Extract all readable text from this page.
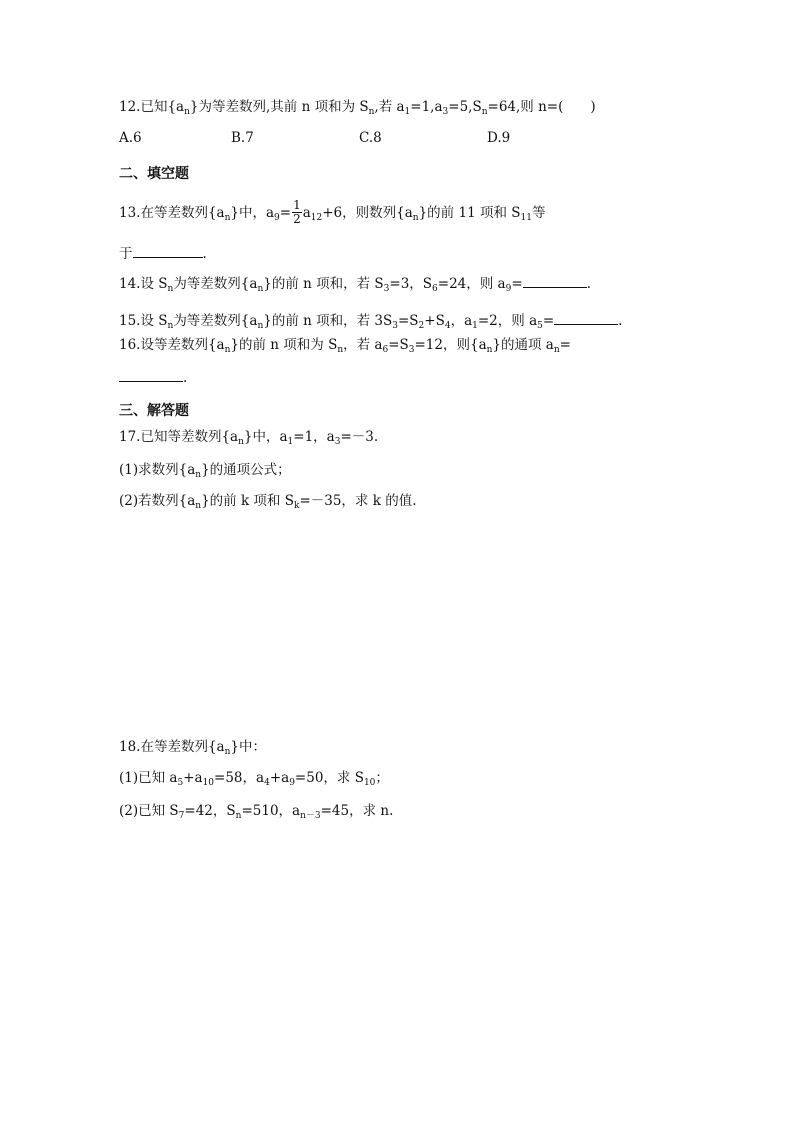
12.已知$\{a_n\}$为等差数列,其前 n 项和为 $S_n$,若 $a_1=1,a_3=5,S_n=64$,则 n=(　　)
A.6	B.7	C.8	D.9
二、填空题
13.在等差数列$\{a_n\}$中，$a_9= \frac{1}{2} a_{12}+6$，则数列$\{a_n\}$的前 11 项和 $S_{11}$等
于	.
14.设 $S_n$为等差数列$\{a_n\}$的前 n 项和，若 $S_3=3$，$S_6=24$，则 $a_9=$	.
15.设 $S_n$为等差数列$\{a_n\}$的前 n 项和，若 $3S_3=S_2+S_4$，$a_1=2$，则 $a_5=$	.
16.设等差数列$\{a_n\}$的前 n 项和为 $S_n$，若 $a_6=S_3=12$，则$\{a_n\}$的通项 $a_n=$
.
三、解答题
17.已知等差数列$\{a_n\}$中，$a_1=1$，$a_3=-3$.
(1)求数列$\{a_n\}$的通项公式；
(2)若数列$\{a_n\}$的前 k 项和 $S_k=-35$，求 k 的值.
18.在等差数列$\{a_n\}$中：
(1)已知 $a_5+a_{10}=58$，$a_4+a_9=50$，求 $S_{10}$；
(2)已知 $S_7=42$，$S_n=510$，$a_{n-3}=45$，求 n.
